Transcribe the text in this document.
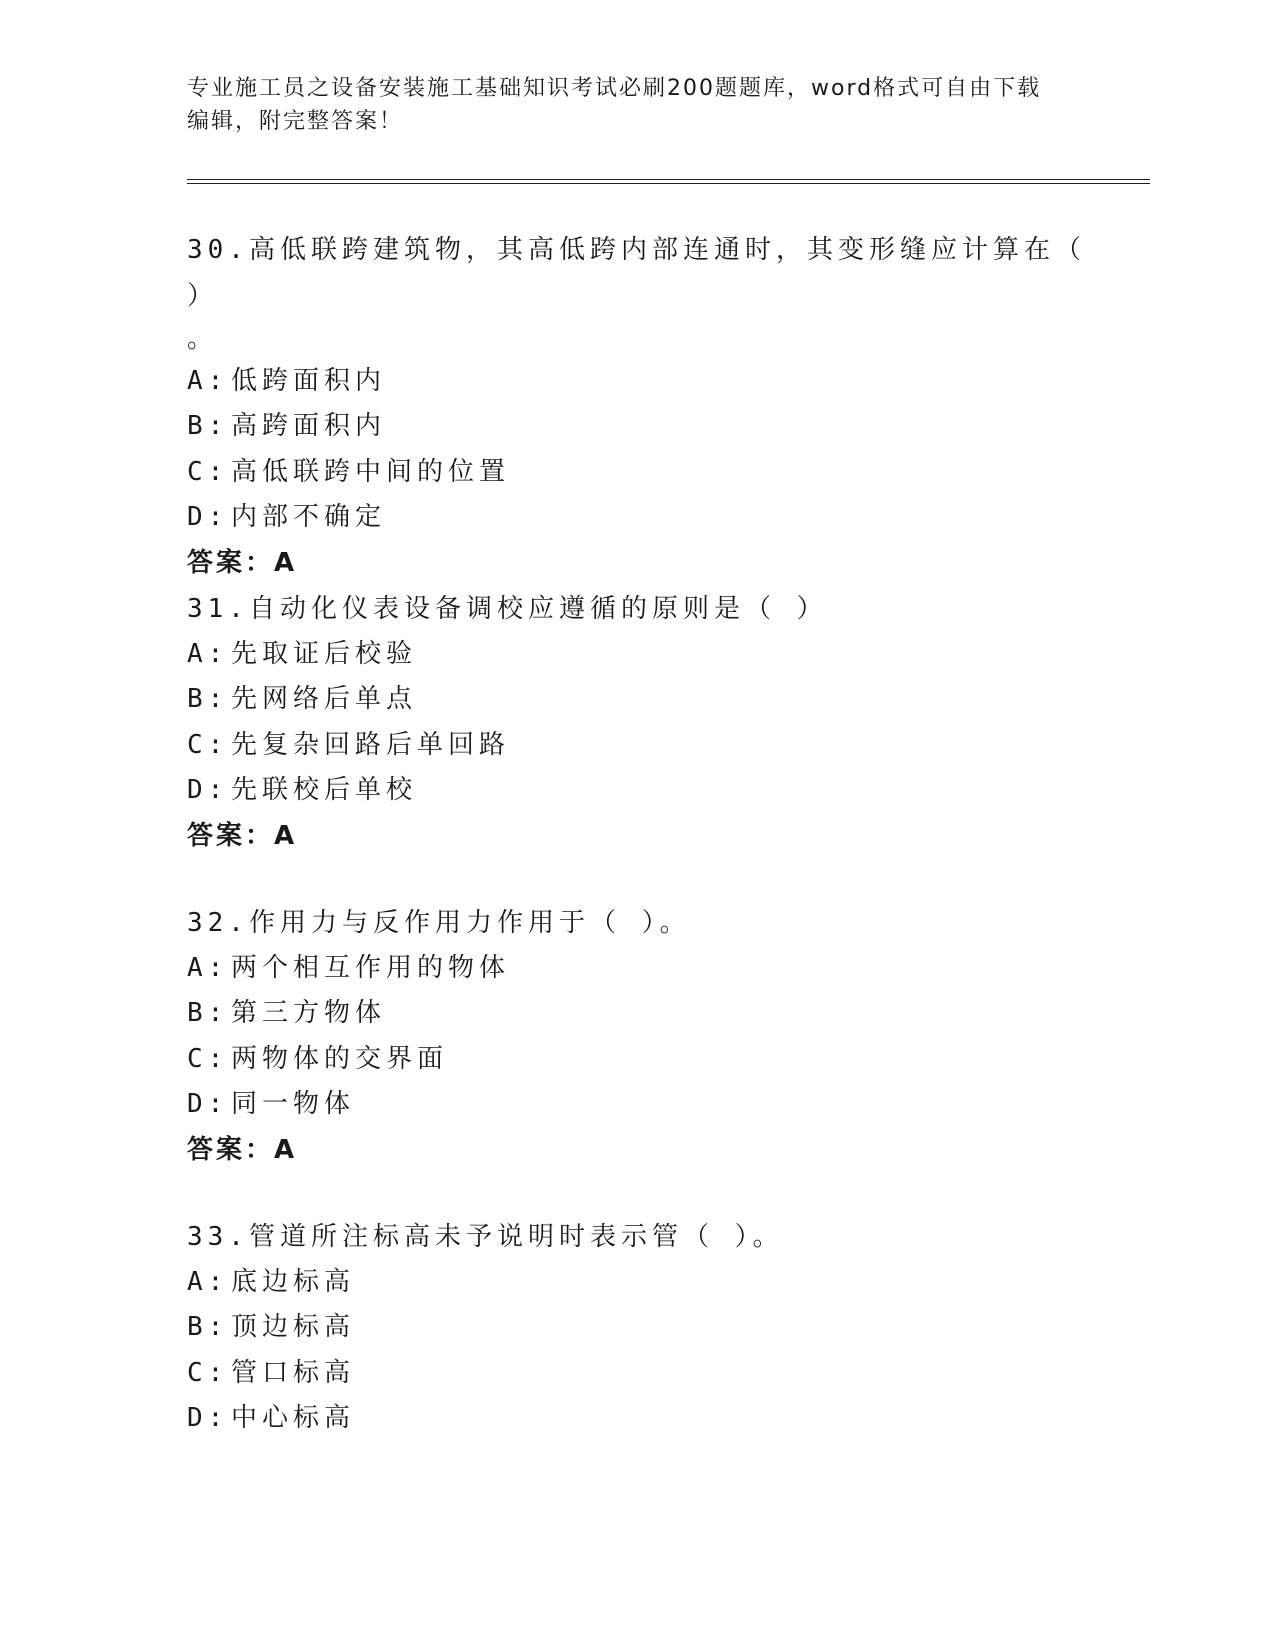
专业施工员之设备安装施工基础知识考试必刷200题题库，word格式可自由下载
编辑，附完整答案！
30.高低联跨建筑物，其高低跨内部连通时，其变形缝应计算在（ ）
。
A: 低跨面积内
B: 高跨面积内
C: 高低联跨中间的位置
D: 内部不确定
答案：A
31.自动化仪表设备调校应遵循的原则是（ ）
A: 先取证后校验
B: 先网络后单点
C: 先复杂回路后单回路
D: 先联校后单校
答案：A
32.作用力与反作用力作用于（ ）。
A: 两个相互作用的物体
B: 第三方物体
C: 两物体的交界面
D: 同一物体
答案：A
33.管道所注标高未予说明时表示管（ ）。
A: 底边标高
B: 顶边标高
C: 管口标高
D: 中心标高
